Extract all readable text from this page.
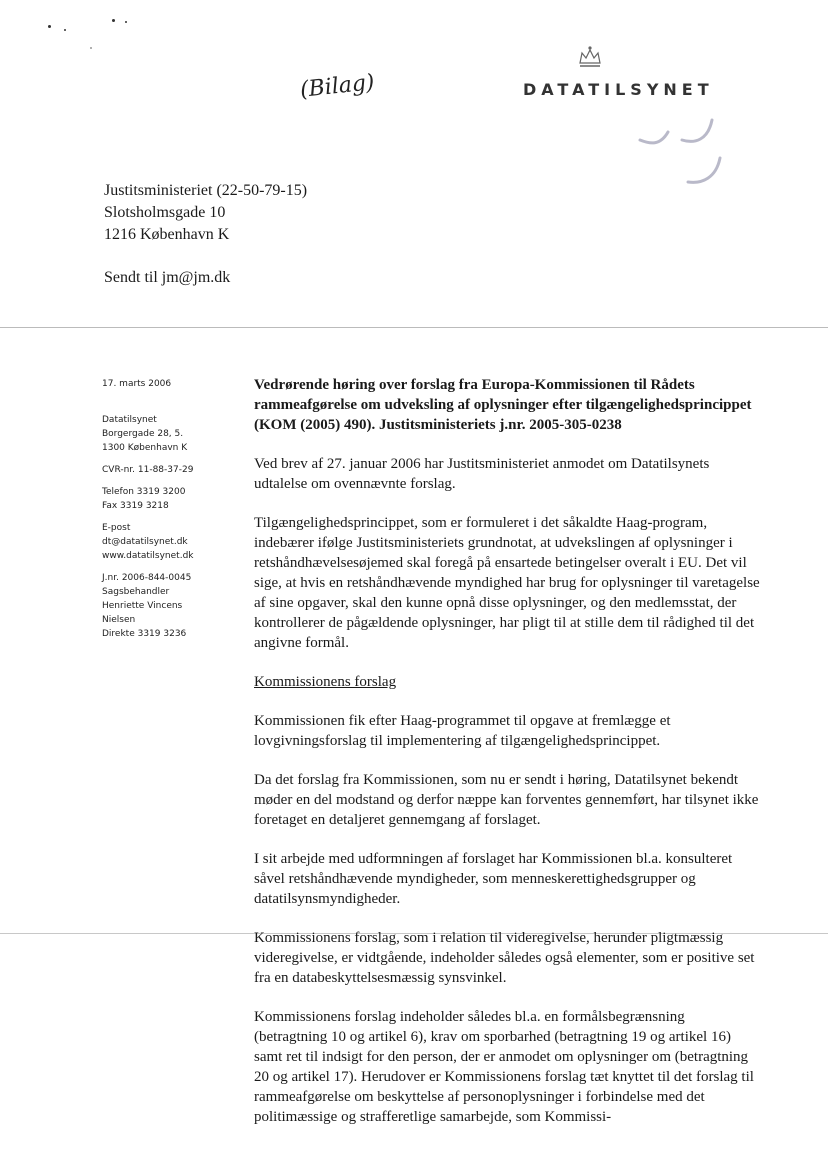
(Bilag)	DATATILSYNET
Justitsministeriet (22-50-79-15)
Slotsholmsgade 10
1216 København K
Sendt til jm@jm.dk

17. marts 2006

Datatilsynet

Borgergade 28, 5.

1300 København K

CVR-nr. 11-88-37-29

Telefon 3319 3200

Fax 3319 3218

E-post

dt@datatilsynet.dk

www.datatilsynet.dk

J.nr. 2006-844-0045

Sagsbehandler

Henriette Vincens

Nielsen

Direkte 3319 3236

Vedrørende høring over forslag fra Europa-Kommissionen til Rådets rammeafgørelse om udveksling af oplysninger efter tilgængelighedsprincippet (KOM (2005) 490). Justitsministeriets j.nr. 2005-305-0238

Ved brev af 27. januar 2006 har Justitsministeriet anmodet om Datatilsynets udtalelse om ovennævnte forslag.

Tilgængelighedsprincippet, som er formuleret i det såkaldte Haag-program, indebærer ifølge Justitsministeriets grundnotat, at udvekslingen af oplysninger i retshåndhævelsesøjemed skal foregå på ensartede betingelser overalt i EU. Det vil sige, at hvis en retshåndhævende myndighed har brug for oplysninger til varetagelse af sine opgaver, skal den kunne opnå disse oplysninger, og den medlemsstat, der kontrollerer de pågældende oplysninger, har pligt til at stille dem til rådighed til det angivne formål.

Kommissionens forslag

Kommissionen fik efter Haag-programmet til opgave at fremlægge et lovgivningsforslag til implementering af tilgængelighedsprincippet.

Da det forslag fra Kommissionen, som nu er sendt i høring, Datatilsynet bekendt møder en del modstand og derfor næppe kan forventes gennemført, har tilsynet ikke foretaget en detaljeret gennemgang af forslaget.

I sit arbejde med udformningen af forslaget har Kommissionen bl.a. konsulteret såvel retshåndhævende myndigheder, som menneskerettighedsgrupper og datatilsynsmyndigheder.

Kommissionens forslag, som i relation til videregivelse, herunder pligtmæssig videregivelse, er vidtgående, indeholder således også elementer, som er positive set fra en databeskyttelsesmæssig synsvinkel.

Kommissionens forslag indeholder således bl.a. en formålsbegrænsning (betragtning 10 og artikel 6), krav om sporbarhed (betragtning 19 og artikel 16) samt ret til indsigt for den person, der er anmodet om oplysninger om (betragtning 20 og artikel 17). Herudover er Kommissionens forslag tæt knyttet til det forslag til rammeafgørelse om beskyttelse af personoplysninger i forbindelse med det politimæssige og strafferetlige samarbejde, som Kommissi-
